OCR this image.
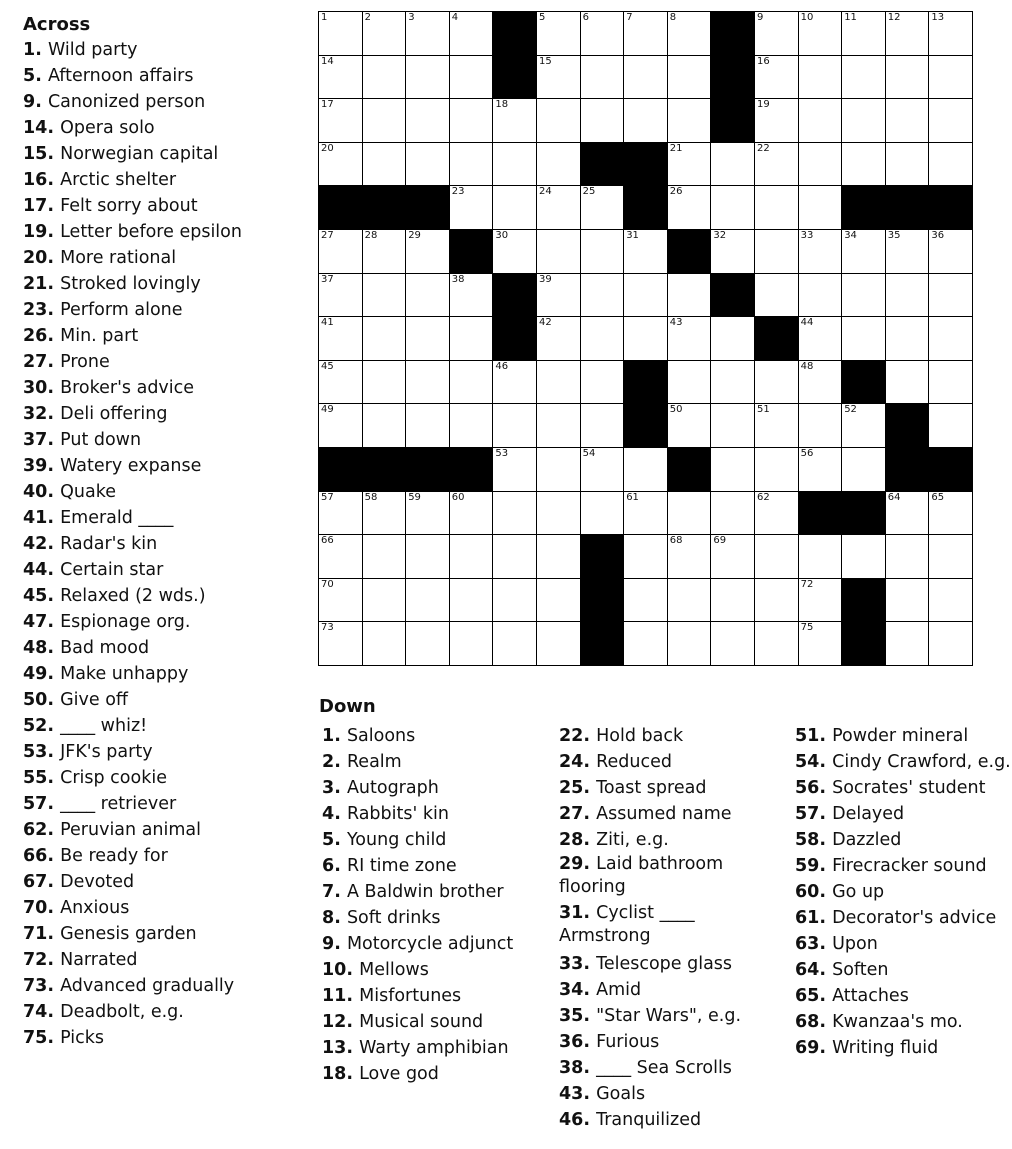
Across
1. Wild party
5. Afternoon affairs
9. Canonized person
14. Opera solo
15. Norwegian capital
16. Arctic shelter
17. Felt sorry about
19. Letter before epsilon
20. More rational
21. Stroked lovingly
23. Perform alone
26. Min. part
27. Prone
30. Broker's advice
32. Deli offering
37. Put down
39. Watery expanse
40. Quake
41. Emerald ____
42. Radar's kin
44. Certain star
45. Relaxed (2 wds.)
47. Espionage org.
48. Bad mood
49. Make unhappy
50. Give off
52. ____ whiz!
53. JFK's party
55. Crisp cookie
57. ____ retriever
62. Peruvian animal
66. Be ready for
67. Devoted
70. Anxious
71. Genesis garden
72. Narrated
73. Advanced gradually
74. Deadbolt, e.g.
75. Picks
1	2	3	4	5	6	7	8	9	10	11	12	13
14	15	16
17	18	19
20	21	22
23	24	25	26
27	28	29	30	31	32	33	34	35	36
37	38	39
41	42	43	44
45	46	48
49	50	51	52
53	54	56
57	58	59	60	61	62	64	65
66	68	69
70	72
73	75
Down
1. Saloons
2. Realm
3. Autograph
4. Rabbits' kin
5. Young child
6. RI time zone
7. A Baldwin brother
8. Soft drinks
9. Motorcycle adjunct
10. Mellows
11. Misfortunes
12. Musical sound
13. Warty amphibian
18. Love god
22. Hold back
24. Reduced
25. Toast spread
27. Assumed name
28. Ziti, e.g.
29. Laid bathroom flooring
31. Cyclist ____ Armstrong
33. Telescope glass
34. Amid
35. "Star Wars", e.g.
36. Furious
38. ____ Sea Scrolls
43. Goals
46. Tranquilized
51. Powder mineral
54. Cindy Crawford, e.g.
56. Socrates' student
57. Delayed
58. Dazzled
59. Firecracker sound
60. Go up
61. Decorator's advice
63. Upon
64. Soften
65. Attaches
68. Kwanzaa's mo.
69. Writing fluid
